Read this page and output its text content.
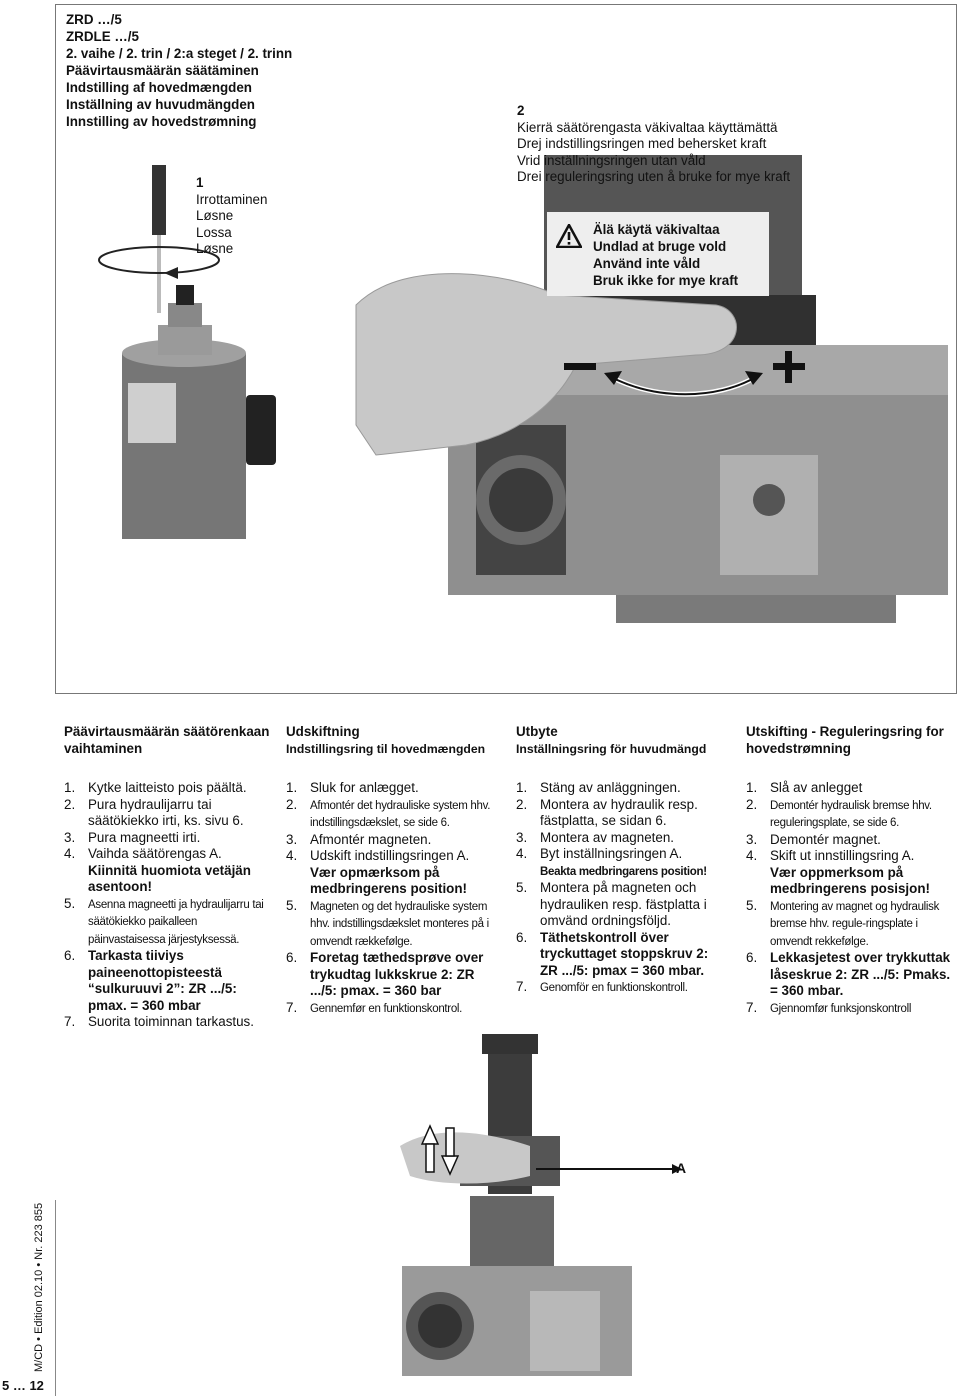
ZRD …/5
ZRDLE …/5
2. vaihe / 2. trin / 2:a steget / 2. trinn
Päävirtausmäärän säätäminen
Indstilling af hovedmængden
Inställning av huvudmängden
Innstilling av hovedstrømning
1
Irrottaminen
Løsne
Lossa
Løsne
2
Kierrä säätörengasta väkivaltaa käyttämättä
Drej indstillingsringen med behersket kraft
Vrid inställningsringen utan våld
Drei reguleringsring uten å bruke for mye kraft
Älä käytä väkivaltaa
Undlad at bruge vold
Använd inte våld
Bruk ikke for mye kraft
Päävirtausmäärän säätörenkaan vaihtaminen
1. Kytke laitteisto pois päältä.
2. Pura hydraulijarru tai säätökiekko irti, ks. sivu 6.
3. Pura magneetti irti.
4. Vaihda säätörengas A.
Kiinnitä huomiota vetäjän asentoon!
5. Asenna magneetti ja hydraulijarru tai säätökiekko paikalleen päinvastaisessa järjestyksessä.
6. Tarkasta tiiviys paineenottopisteestä “sulkuruuvi 2”: ZR .../5: pmax. = 360 mbar
7. Suorita toiminnan tarkastus.
Udskiftning
Indstillingsring til hovedmængden
1. Sluk for anlægget.
2. Afmontér det hydrauliske system hhv. indstillingsdækslet, se side 6.
3. Afmontér magneten.
4. Udskift indstillingsringen A.
Vær opmærksom på medbringerens position!
5. Magneten og det hydrauliske system hhv. indstillingsdækslet monteres på i omvendt rækkefølge.
6. Foretag tæthedsprøve over trykudtag lukkskrue 2: ZR .../5: pmax. = 360 bar
7. Gennemfør en funktionskontrol.
Utbyte
Inställningsring för huvudmängd
1. Stäng av anläggningen.
2. Montera av hydraulik resp. fästplatta, se sidan 6.
3. Montera av magneten.
4. Byt inställningsringen A.
Beakta medbringarens position!
5. Montera på magneten och hydrauliken resp. fästplatta i omvänd ordningsföljd.
6. Täthetskontroll över tryckuttaget stoppskruv 2: ZR .../5: pmax = 360 mbar.
7. Genomför en funktionskontroll.
Utskifting - Reguleringsring for hovedstrømning
1. Slå av anlegget
2. Demontér hydraulisk bremse hhv. reguleringsplate, se side 6.
3. Demontér magnet.
4. Skift ut innstillingsring A.
Vær oppmerksom på medbringerens posisjon!
5. Montering av magnet og hydraulisk bremse hhv. regule-ringsplate i omvendt rekkefølge.
6. Lekkasjetest over trykkuttak låseskrue 2: ZR .../5: Pmaks. = 360 mbar.
7. Gjennomfør funksjonskontroll
A
M/CD • Edition 02.10 • Nr. 223 855
5 … 12
